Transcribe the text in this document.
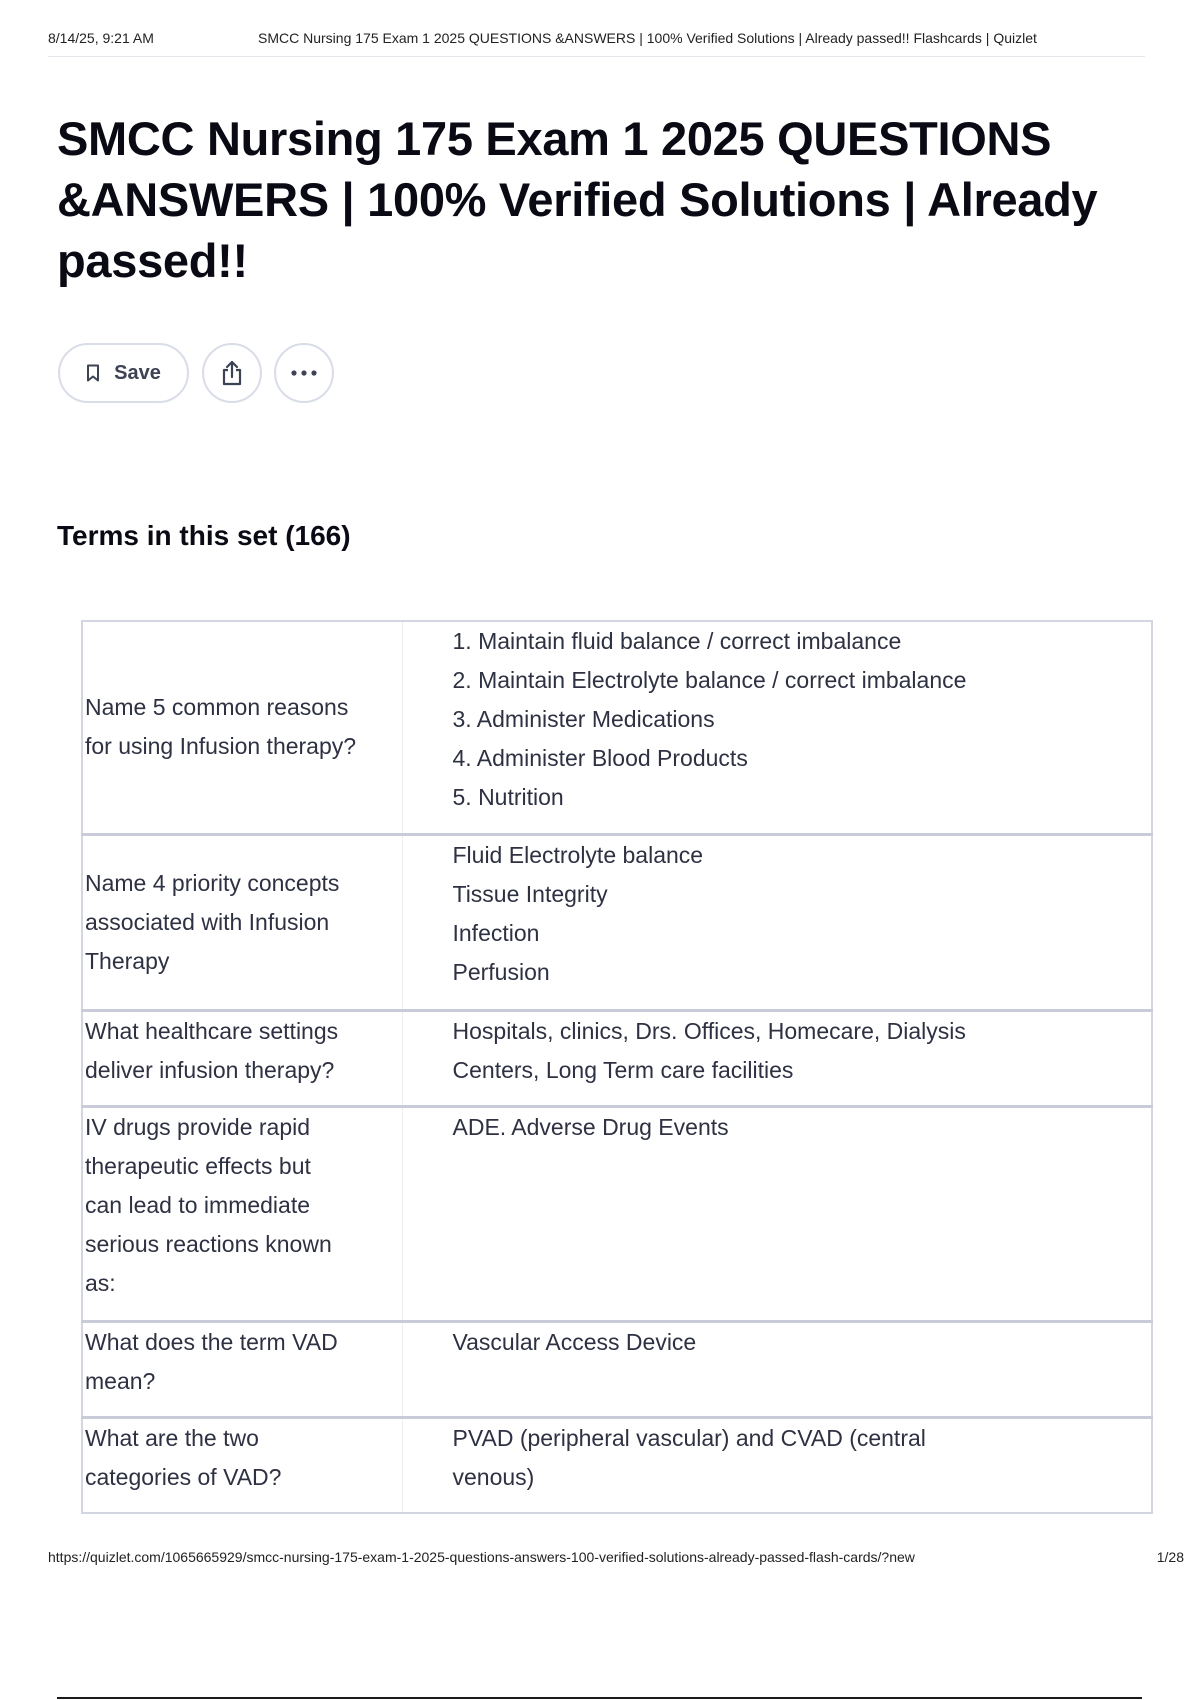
8/14/25, 9:21 AM	SMCC Nursing 175 Exam 1 2025 QUESTIONS &ANSWERS | 100% Verified Solutions | Already passed!! Flashcards | Quizlet
SMCC Nursing 175 Exam 1 2025 QUESTIONS &ANSWERS | 100% Verified Solutions | Already passed!!
Save
Terms in this set (166)
Name 5 common reasons
for using Infusion therapy?	1. Maintain fluid balance / correct imbalance
2. Maintain Electrolyte balance / correct imbalance
3. Administer Medications
4. Administer Blood Products
5. Nutrition

Name 4 priority concepts
associated with Infusion
Therapy	Fluid Electrolyte balance
Tissue Integrity
Infection
Perfusion

What healthcare settings
deliver infusion therapy?	Hospitals, clinics, Drs. Offices, Homecare, Dialysis
Centers, Long Term care facilities

IV drugs provide rapid
therapeutic effects but
can lead to immediate
serious reactions known
as:	ADE. Adverse Drug Events

What does the term VAD
mean?	Vascular Access Device

What are the two
categories of VAD?	PVAD (peripheral vascular) and CVAD (central
venous)
https://quizlet.com/1065665929/smcc-nursing-175-exam-1-2025-questions-answers-100-verified-solutions-already-passed-flash-cards/?new	1/28
